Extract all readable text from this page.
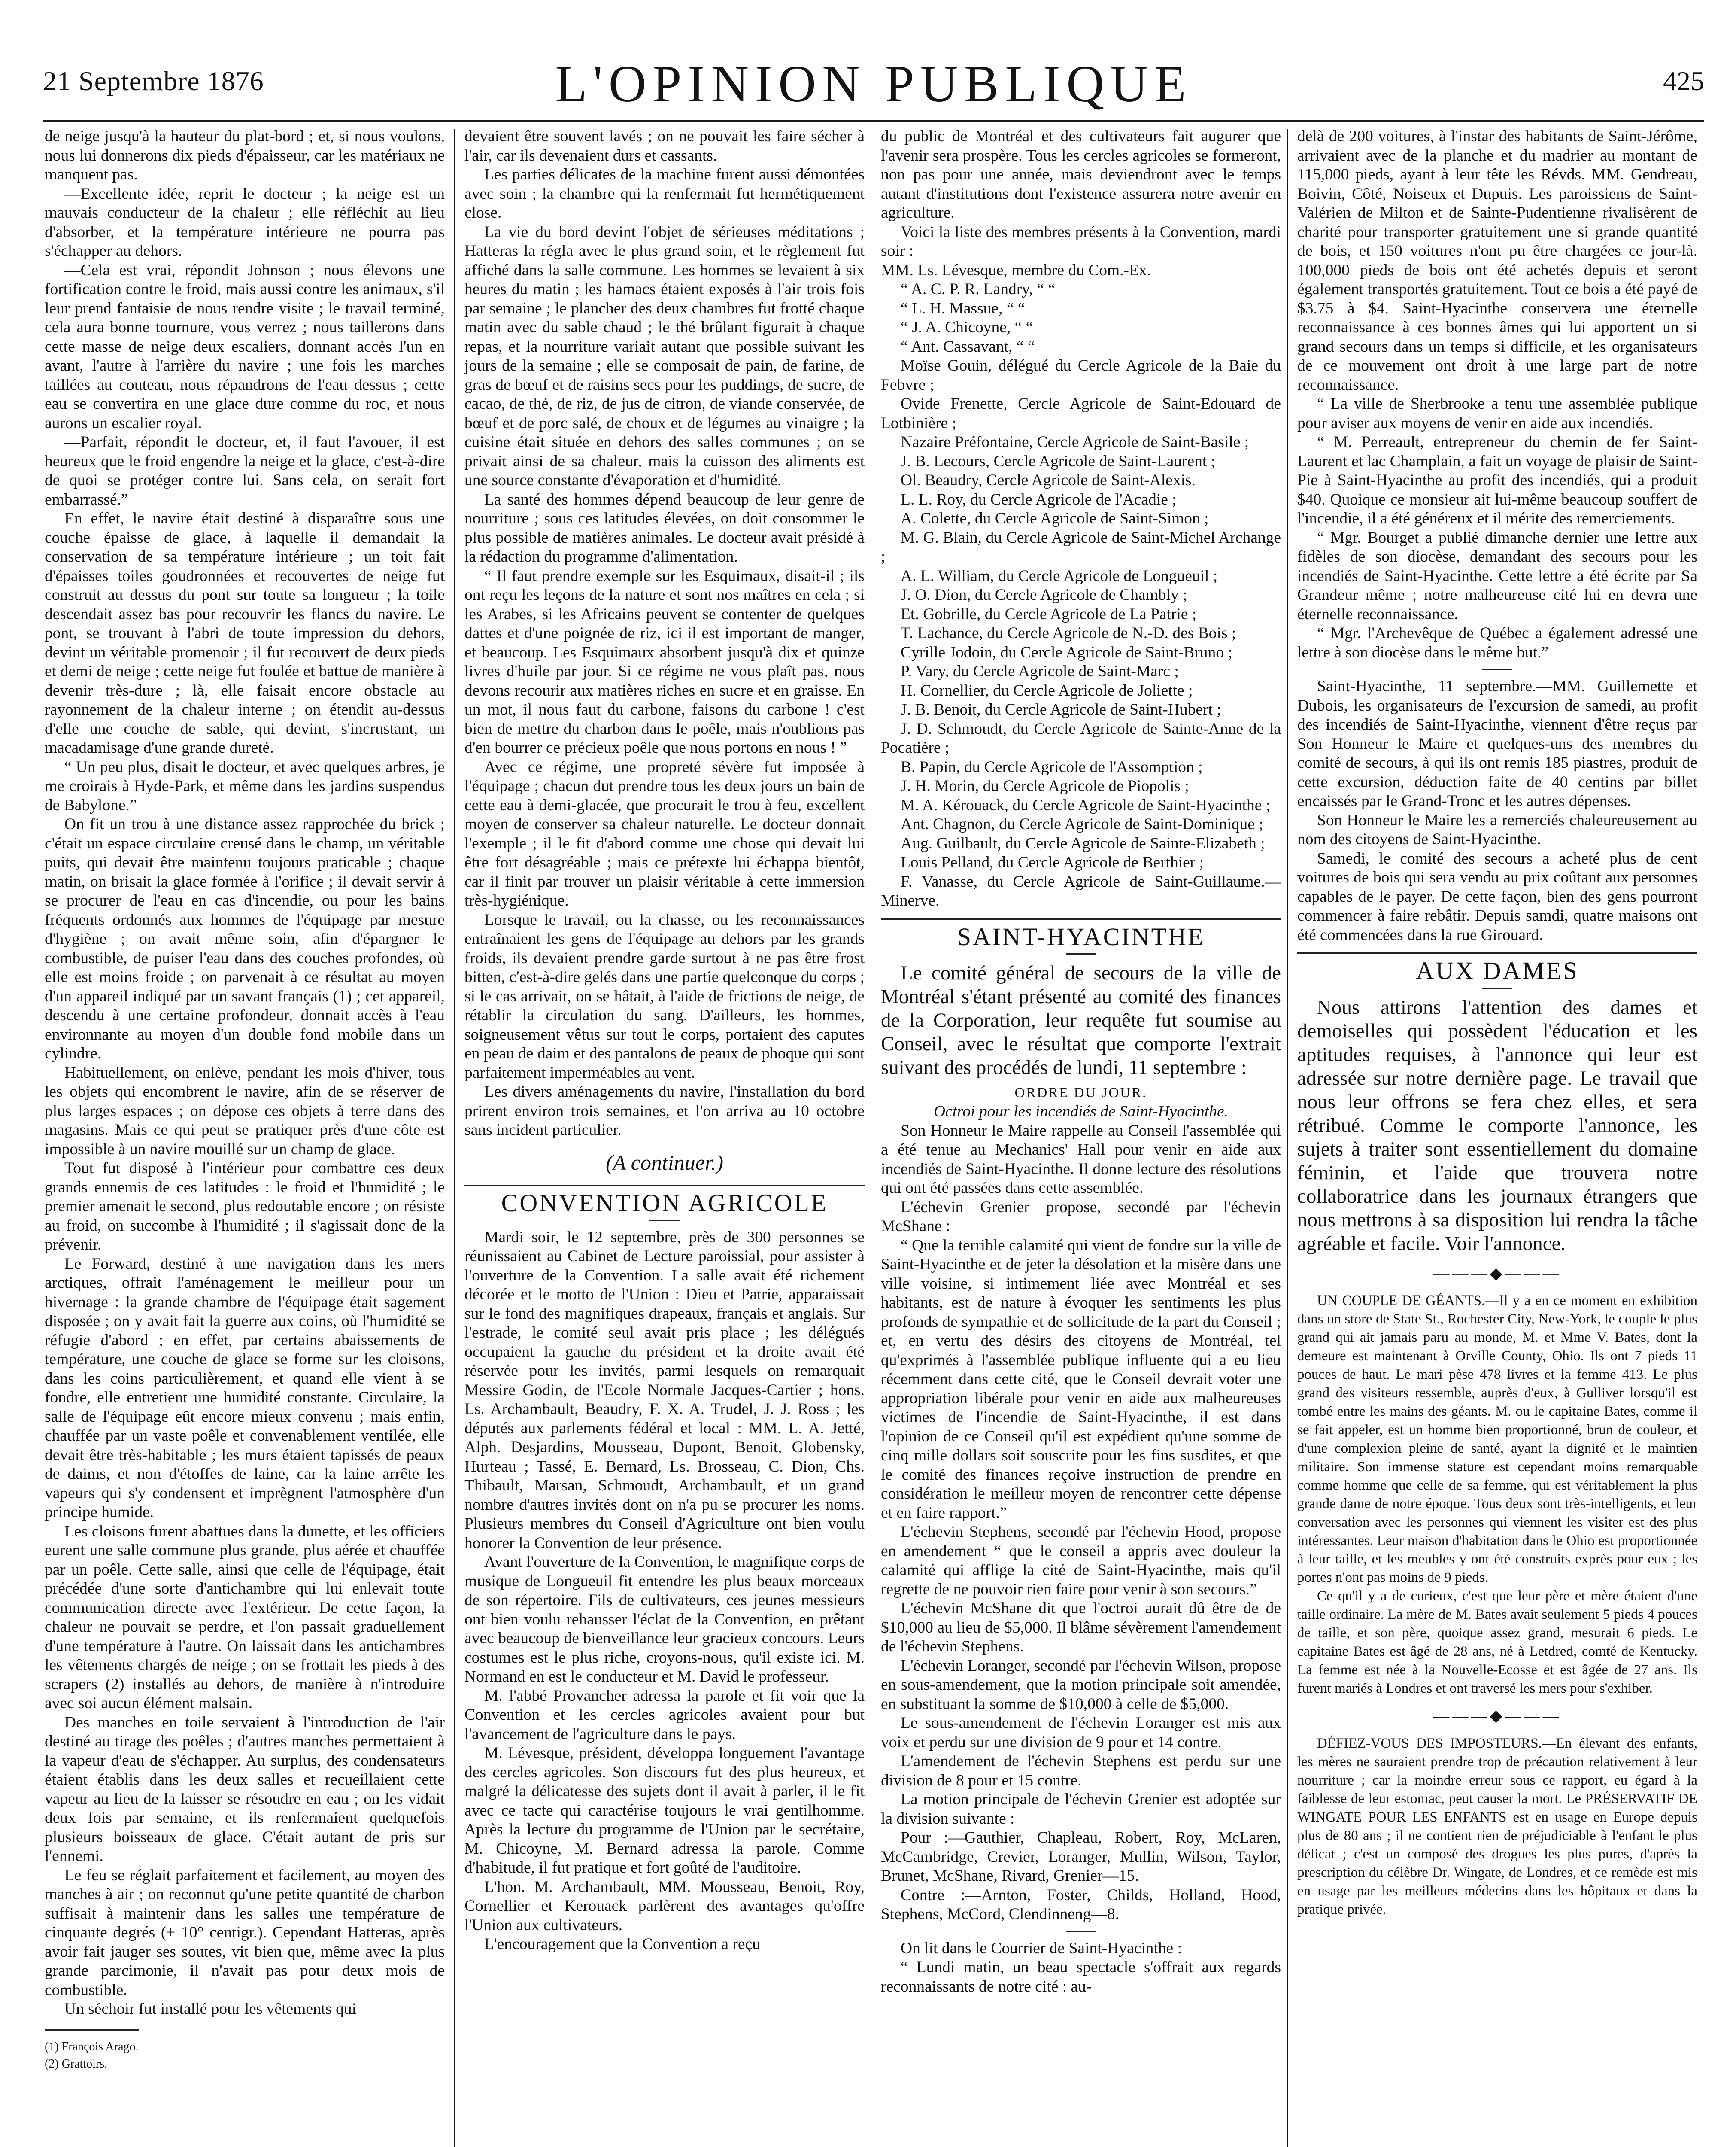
21 Septembre 1876	L'OPINION PUBLIQUE	425

de neige jusqu'à la hauteur du plat-bord ; et, si nous voulons, nous lui donnerons dix pieds d'épaisseur, car les matériaux ne manquent pas.

—Excellente idée, reprit le docteur ; la neige est un mauvais conducteur de la chaleur ; elle réfléchit au lieu d'absorber, et la température intérieure ne pourra pas s'échapper au dehors.

—Cela est vrai, répondit Johnson ; nous élevons une fortification contre le froid, mais aussi contre les animaux, s'il leur prend fantaisie de nous rendre visite ; le travail terminé, cela aura bonne tournure, vous verrez ; nous taillerons dans cette masse de neige deux escaliers, donnant accès l'un en avant, l'autre à l'arrière du navire ; une fois les marches taillées au couteau, nous répandrons de l'eau dessus ; cette eau se convertira en une glace dure comme du roc, et nous aurons un escalier royal.

—Parfait, répondit le docteur, et, il faut l'avouer, il est heureux que le froid engendre la neige et la glace, c'est-à-dire de quoi se protéger contre lui. Sans cela, on serait fort embarrassé.”

En effet, le navire était destiné à disparaître sous une couche épaisse de glace, à laquelle il demandait la conservation de sa température intérieure ; un toit fait d'épaisses toiles goudronnées et recouvertes de neige fut construit au dessus du pont sur toute sa longueur ; la toile descendait assez bas pour recouvrir les flancs du navire. Le pont, se trouvant à l'abri de toute impression du dehors, devint un véritable promenoir ; il fut recouvert de deux pieds et demi de neige ; cette neige fut foulée et battue de manière à devenir très-dure ; là, elle faisait encore obstacle au rayonnement de la chaleur interne ; on étendit au-dessus d'elle une couche de sable, qui devint, s'incrustant, un macadamisage d'une grande dureté.

“ Un peu plus, disait le docteur, et avec quelques arbres, je me croirais à Hyde-Park, et même dans les jardins suspendus de Babylone.”

On fit un trou à une distance assez rapprochée du brick ; c'était un espace circulaire creusé dans le champ, un véritable puits, qui devait être maintenu toujours praticable ; chaque matin, on brisait la glace formée à l'orifice ; il devait servir à se procurer de l'eau en cas d'incendie, ou pour les bains fréquents ordonnés aux hommes de l'équipage par mesure d'hygiène ; on avait même soin, afin d'épargner le combustible, de puiser l'eau dans des couches profondes, où elle est moins froide ; on parvenait à ce résultat au moyen d'un appareil indiqué par un savant français (1) ; cet appareil, descendu à une certaine profondeur, donnait accès à l'eau environnante au moyen d'un double fond mobile dans un cylindre.

Habituellement, on enlève, pendant les mois d'hiver, tous les objets qui encombrent le navire, afin de se réserver de plus larges espaces ; on dépose ces objets à terre dans des magasins. Mais ce qui peut se pratiquer près d'une côte est impossible à un navire mouillé sur un champ de glace.

Tout fut disposé à l'intérieur pour combattre ces deux grands ennemis de ces latitudes : le froid et l'humidité ; le premier amenait le second, plus redoutable encore ; on résiste au froid, on succombe à l'humidité ; il s'agissait donc de la prévenir.

Le Forward, destiné à une navigation dans les mers arctiques, offrait l'aménagement le meilleur pour un hivernage : la grande chambre de l'équipage était sagement disposée ; on y avait fait la guerre aux coins, où l'humidité se réfugie d'abord ; en effet, par certains abaissements de température, une couche de glace se forme sur les cloisons, dans les coins particulièrement, et quand elle vient à se fondre, elle entretient une humidité constante. Circulaire, la salle de l'équipage eût encore mieux convenu ; mais enfin, chauffée par un vaste poêle et convenablement ventilée, elle devait être très-habitable ; les murs étaient tapissés de peaux de daims, et non d'étoffes de laine, car la laine arrête les vapeurs qui s'y condensent et imprègnent l'atmosphère d'un principe humide.

Les cloisons furent abattues dans la dunette, et les officiers eurent une salle commune plus grande, plus aérée et chauffée par un poêle. Cette salle, ainsi que celle de l'équipage, était précédée d'une sorte d'antichambre qui lui enlevait toute communication directe avec l'extérieur. De cette façon, la chaleur ne pouvait se perdre, et l'on passait graduellement d'une température à l'autre. On laissait dans les antichambres les vêtements chargés de neige ; on se frottait les pieds à des scrapers (2) installés au dehors, de manière à n'introduire avec soi aucun élément malsain.

Des manches en toile servaient à l'introduction de l'air destiné au tirage des poêles ; d'autres manches permettaient à la vapeur d'eau de s'échapper. Au surplus, des condensateurs étaient établis dans les deux salles et recueillaient cette vapeur au lieu de la laisser se résoudre en eau ; on les vidait deux fois par semaine, et ils renfermaient quelquefois plusieurs boisseaux de glace. C'était autant de pris sur l'ennemi.

Le feu se réglait parfaitement et facilement, au moyen des manches à air ; on reconnut qu'une petite quantité de charbon suffisait à maintenir dans les salles une température de cinquante degrés (+ 10° centigr.). Cependant Hatteras, après avoir fait jauger ses soutes, vit bien que, même avec la plus grande parcimonie, il n'avait pas pour deux mois de combustible.

Un séchoir fut installé pour les vêtements qui

(1) François Arago.

(2) Grattoirs.

devaient être souvent lavés ; on ne pouvait les faire sécher à l'air, car ils devenaient durs et cassants.

Les parties délicates de la machine furent aussi démontées avec soin ; la chambre qui la renfermait fut hermétiquement close.

La vie du bord devint l'objet de sérieuses méditations ; Hatteras la régla avec le plus grand soin, et le règlement fut affiché dans la salle commune. Les hommes se levaient à six heures du matin ; les hamacs étaient exposés à l'air trois fois par semaine ; le plancher des deux chambres fut frotté chaque matin avec du sable chaud ; le thé brûlant figurait à chaque repas, et la nourriture variait autant que possible suivant les jours de la semaine ; elle se composait de pain, de farine, de gras de bœuf et de raisins secs pour les puddings, de sucre, de cacao, de thé, de riz, de jus de citron, de viande conservée, de bœuf et de porc salé, de choux et de légumes au vinaigre ; la cuisine était située en dehors des salles communes ; on se privait ainsi de sa chaleur, mais la cuisson des aliments est une source constante d'évaporation et d'humidité.

La santé des hommes dépend beaucoup de leur genre de nourriture ; sous ces latitudes élevées, on doit consommer le plus possible de matières animales. Le docteur avait présidé à la rédaction du programme d'alimentation.

“ Il faut prendre exemple sur les Esquimaux, disait-il ; ils ont reçu les leçons de la nature et sont nos maîtres en cela ; si les Arabes, si les Africains peuvent se contenter de quelques dattes et d'une poignée de riz, ici il est important de manger, et beaucoup. Les Esquimaux absorbent jusqu'à dix et quinze livres d'huile par jour. Si ce régime ne vous plaît pas, nous devons recourir aux matières riches en sucre et en graisse. En un mot, il nous faut du carbone, faisons du carbone ! c'est bien de mettre du charbon dans le poêle, mais n'oublions pas d'en bourrer ce précieux poêle que nous portons en nous ! ”

Avec ce régime, une propreté sévère fut imposée à l'équipage ; chacun dut prendre tous les deux jours un bain de cette eau à demi-glacée, que procurait le trou à feu, excellent moyen de conserver sa chaleur naturelle. Le docteur donnait l'exemple ; il le fit d'abord comme une chose qui devait lui être fort désagréable ; mais ce prétexte lui échappa bientôt, car il finit par trouver un plaisir véritable à cette immersion très-hygiénique.

Lorsque le travail, ou la chasse, ou les reconnaissances entraînaient les gens de l'équipage au dehors par les grands froids, ils devaient prendre garde surtout à ne pas être frost bitten, c'est-à-dire gelés dans une partie quelconque du corps ; si le cas arrivait, on se hâtait, à l'aide de frictions de neige, de rétablir la circulation du sang. D'ailleurs, les hommes, soigneusement vêtus sur tout le corps, portaient des caputes en peau de daim et des pantalons de peaux de phoque qui sont parfaitement imperméables au vent.

Les divers aménagements du navire, l'installation du bord prirent environ trois semaines, et l'on arriva au 10 octobre sans incident particulier.

(A continuer.)
CONVENTION AGRICOLE

Mardi soir, le 12 septembre, près de 300 personnes se réunissaient au Cabinet de Lecture paroissial, pour assister à l'ouverture de la Convention. La salle avait été richement décorée et le motto de l'Union : Dieu et Patrie, apparaissait sur le fond des magnifiques drapeaux, français et anglais. Sur l'estrade, le comité seul avait pris place ; les délégués occupaient la gauche du président et la droite avait été réservée pour les invités, parmi lesquels on remarquait Messire Godin, de l'Ecole Normale Jacques-Cartier ; hons. Ls. Archambault, Beaudry, F. X. A. Trudel, J. J. Ross ; les députés aux parlements fédéral et local : MM. L. A. Jetté, Alph. Desjardins, Mousseau, Dupont, Benoit, Globensky, Hurteau ; Tassé, E. Bernard, Ls. Brosseau, C. Dion, Chs. Thibault, Marsan, Schmoudt, Archambault, et un grand nombre d'autres invités dont on n'a pu se procurer les noms. Plusieurs membres du Conseil d'Agriculture ont bien voulu honorer la Convention de leur présence.

Avant l'ouverture de la Convention, le magnifique corps de musique de Longueuil fit entendre les plus beaux morceaux de son répertoire. Fils de cultivateurs, ces jeunes messieurs ont bien voulu rehausser l'éclat de la Convention, en prêtant avec beaucoup de bienveillance leur gracieux concours. Leurs costumes est le plus riche, croyons-nous, qu'il existe ici. M. Normand en est le conducteur et M. David le professeur.

M. l'abbé Provancher adressa la parole et fit voir que la Convention et les cercles agricoles avaient pour but l'avancement de l'agriculture dans le pays.

M. Lévesque, président, développa longuement l'avantage des cercles agricoles. Son discours fut des plus heureux, et malgré la délicatesse des sujets dont il avait à parler, il le fit avec ce tacte qui caractérise toujours le vrai gentilhomme. Après la lecture du programme de l'Union par le secrétaire, M. Chicoyne, M. Bernard adressa la parole. Comme d'habitude, il fut pratique et fort goûté de l'auditoire.

L'hon. M. Archambault, MM. Mousseau, Benoit, Roy, Cornellier et Kerouack parlèrent des avantages qu'offre l'Union aux cultivateurs.

L'encouragement que la Convention a reçu

du public de Montréal et des cultivateurs fait augurer que l'avenir sera prospère. Tous les cercles agricoles se formeront, non pas pour une année, mais deviendront avec le temps autant d'institutions dont l'existence assurera notre avenir en agriculture.

Voici la liste des membres présents à la Convention, mardi soir :

MM. Ls. Lévesque, membre du Com.-Ex.

“ A. C. P. R. Landry, “ “

“ L. H. Massue, “ “

“ J. A. Chicoyne, “ “

“ Ant. Cassavant, “ “

Moïse Gouin, délégué du Cercle Agricole de la Baie du Febvre ;

Ovide Frenette, Cercle Agricole de Saint-Edouard de Lotbinière ;

Nazaire Préfontaine, Cercle Agricole de Saint-Basile ;

J. B. Lecours, Cercle Agricole de Saint-Laurent ;

Ol. Beaudry, Cercle Agricole de Saint-Alexis.

L. L. Roy, du Cercle Agricole de l'Acadie ;

A. Colette, du Cercle Agricole de Saint-Simon ;

M. G. Blain, du Cercle Agricole de Saint-Michel Archange ;

A. L. William, du Cercle Agricole de Longueuil ;

J. O. Dion, du Cercle Agricole de Chambly ;

Et. Gobrille, du Cercle Agricole de La Patrie ;

T. Lachance, du Cercle Agricole de N.-D. des Bois ;

Cyrille Jodoin, du Cercle Agricole de Saint-Bruno ;

P. Vary, du Cercle Agricole de Saint-Marc ;

H. Cornellier, du Cercle Agricole de Joliette ;

J. B. Benoit, du Cercle Agricole de Saint-Hubert ;

J. D. Schmoudt, du Cercle Agricole de Sainte-Anne de la Pocatière ;

B. Papin, du Cercle Agricole de l'Assomption ;

J. H. Morin, du Cercle Agricole de Piopolis ;

M. A. Kérouack, du Cercle Agricole de Saint-Hyacinthe ;

Ant. Chagnon, du Cercle Agricole de Saint-Dominique ;

Aug. Guilbault, du Cercle Agricole de Sainte-Elizabeth ;

Louis Pelland, du Cercle Agricole de Berthier ;

F. Vanasse, du Cercle Agricole de Saint-Guillaume.—Minerve.

SAINT-HYACINTHE

Le comité général de secours de la ville de Montréal s'étant présenté au comité des finances de la Corporation, leur requête fut soumise au Conseil, avec le résultat que comporte l'extrait suivant des procédés de lundi, 11 septembre :

ORDRE DU JOUR.

Octroi pour les incendiés de Saint-Hyacinthe.

Son Honneur le Maire rappelle au Conseil l'assemblée qui a été tenue au Mechanics' Hall pour venir en aide aux incendiés de Saint-Hyacinthe. Il donne lecture des résolutions qui ont été passées dans cette assemblée.

L'échevin Grenier propose, secondé par l'échevin McShane :

“ Que la terrible calamité qui vient de fondre sur la ville de Saint-Hyacinthe et de jeter la désolation et la misère dans une ville voisine, si intimement liée avec Montréal et ses habitants, est de nature à évoquer les sentiments les plus profonds de sympathie et de sollicitude de la part du Conseil ; et, en vertu des désirs des citoyens de Montréal, tel qu'exprimés à l'assemblée publique influente qui a eu lieu récemment dans cette cité, que le Conseil devrait voter une appropriation libérale pour venir en aide aux malheureuses victimes de l'incendie de Saint-Hyacinthe, il est dans l'opinion de ce Conseil qu'il est expédient qu'une somme de cinq mille dollars soit souscrite pour les fins susdites, et que le comité des finances reçoive instruction de prendre en considération le meilleur moyen de rencontrer cette dépense et en faire rapport.”

L'échevin Stephens, secondé par l'échevin Hood, propose en amendement “ que le conseil a appris avec douleur la calamité qui afflige la cité de Saint-Hyacinthe, mais qu'il regrette de ne pouvoir rien faire pour venir à son secours.”

L'échevin McShane dit que l'octroi aurait dû être de de $10,000 au lieu de $5,000. Il blâme sévèrement l'amendement de l'échevin Stephens.

L'échevin Loranger, secondé par l'échevin Wilson, propose en sous-amendement, que la motion principale soit amendée, en substituant la somme de $10,000 à celle de $5,000.

Le sous-amendement de l'échevin Loranger est mis aux voix et perdu sur une division de 9 pour et 14 contre.

L'amendement de l'échevin Stephens est perdu sur une division de 8 pour et 15 contre.

La motion principale de l'échevin Grenier est adoptée sur la division suivante :

Pour :—Gauthier, Chapleau, Robert, Roy, McLaren, McCambridge, Crevier, Loranger, Mullin, Wilson, Taylor, Brunet, McShane, Rivard, Grenier—15.

Contre :—Arnton, Foster, Childs, Holland, Hood, Stephens, McCord, Clendinneng—8.

On lit dans le Courrier de Saint-Hyacinthe :

“ Lundi matin, un beau spectacle s'offrait aux regards reconnaissants de notre cité : au-

delà de 200 voitures, à l'instar des habitants de Saint-Jérôme, arrivaient avec de la planche et du madrier au montant de 115,000 pieds, ayant à leur tête les Révds. MM. Gendreau, Boivin, Côté, Noiseux et Dupuis. Les paroissiens de Saint-Valérien de Milton et de Sainte-Pudentienne rivalisèrent de charité pour transporter gratuitement une si grande quantité de bois, et 150 voitures n'ont pu être chargées ce jour-là. 100,000 pieds de bois ont été achetés depuis et seront également transportés gratuitement. Tout ce bois a été payé de $3.75 à $4. Saint-Hyacinthe conservera une éternelle reconnaissance à ces bonnes âmes qui lui apportent un si grand secours dans un temps si difficile, et les organisateurs de ce mouvement ont droit à une large part de notre reconnaissance.

“ La ville de Sherbrooke a tenu une assemblée publique pour aviser aux moyens de venir en aide aux incendiés.

“ M. Perreault, entrepreneur du chemin de fer Saint-Laurent et lac Champlain, a fait un voyage de plaisir de Saint-Pie à Saint-Hyacinthe au profit des incendiés, qui a produit $40. Quoique ce monsieur ait lui-même beaucoup souffert de l'incendie, il a été généreux et il mérite des remerciements.

“ Mgr. Bourget a publié dimanche dernier une lettre aux fidèles de son diocèse, demandant des secours pour les incendiés de Saint-Hyacinthe. Cette lettre a été écrite par Sa Grandeur même ; notre malheureuse cité lui en devra une éternelle reconnaissance.

“ Mgr. l'Archevêque de Québec a également adressé une lettre à son diocèse dans le même but.”

Saint-Hyacinthe, 11 septembre.—MM. Guillemette et Dubois, les organisateurs de l'excursion de samedi, au profit des incendiés de Saint-Hyacinthe, viennent d'être reçus par Son Honneur le Maire et quelques-uns des membres du comité de secours, à qui ils ont remis 185 piastres, produit de cette excursion, déduction faite de 40 centins par billet encaissés par le Grand-Tronc et les autres dépenses.

Son Honneur le Maire les a remerciés chaleureusement au nom des citoyens de Saint-Hyacinthe.

Samedi, le comité des secours a acheté plus de cent voitures de bois qui sera vendu au prix coûtant aux personnes capables de le payer. De cette façon, bien des gens pourront commencer à faire rebâtir. Depuis samdi, quatre maisons ont été commencées dans la rue Girouard.

AUX DAMES

Nous attirons l'attention des dames et demoiselles qui possèdent l'éducation et les aptitudes requises, à l'annonce qui leur est adressée sur notre dernière page. Le travail que nous leur offrons se fera chez elles, et sera rétribué. Comme le comporte l'annonce, les sujets à traiter sont essentiellement du domaine féminin, et l'aide que trouvera notre collaboratrice dans les journaux étrangers que nous mettrons à sa disposition lui rendra la tâche agréable et facile. Voir l'annonce.

———◆———

UN COUPLE DE GÉANTS.—Il y a en ce moment en exhibition dans un store de State St., Rochester City, New-York, le couple le plus grand qui ait jamais paru au monde, M. et Mme V. Bates, dont la demeure est maintenant à Orville County, Ohio. Ils ont 7 pieds 11 pouces de haut. Le mari pèse 478 livres et la femme 413. Le plus grand des visiteurs ressemble, auprès d'eux, à Gulliver lorsqu'il est tombé entre les mains des géants. M. ou le capitaine Bates, comme il se fait appeler, est un homme bien proportionné, brun de couleur, et d'une complexion pleine de santé, ayant la dignité et le maintien militaire. Son immense stature est cependant moins remarquable comme homme que celle de sa femme, qui est véritablement la plus grande dame de notre époque. Tous deux sont très-intelligents, et leur conversation avec les personnes qui viennent les visiter est des plus intéressantes. Leur maison d'habitation dans le Ohio est proportionnée à leur taille, et les meubles y ont été construits exprès pour eux ; les portes n'ont pas moins de 9 pieds.

Ce qu'il y a de curieux, c'est que leur père et mère étaient d'une taille ordinaire. La mère de M. Bates avait seulement 5 pieds 4 pouces de taille, et son père, quoique assez grand, mesurait 6 pieds. Le capitaine Bates est âgé de 28 ans, né à Letdred, comté de Kentucky. La femme est née à la Nouvelle-Ecosse et est âgée de 27 ans. Ils furent mariés à Londres et ont traversé les mers pour s'exhiber.

———◆———

DÉFIEZ-VOUS DES IMPOSTEURS.—En élevant des enfants, les mères ne sauraient prendre trop de précaution relativement à leur nourriture ; car la moindre erreur sous ce rapport, eu égard à la faiblesse de leur estomac, peut causer la mort. Le PRÉSERVATIF DE WINGATE POUR LES ENFANTS est en usage en Europe depuis plus de 80 ans ; il ne contient rien de préjudiciable à l'enfant le plus délicat ; c'est un composé des drogues les plus pures, d'après la prescription du célèbre Dr. Wingate, de Londres, et ce remède est mis en usage par les meilleurs médecins dans les hôpitaux et dans la pratique privée.
